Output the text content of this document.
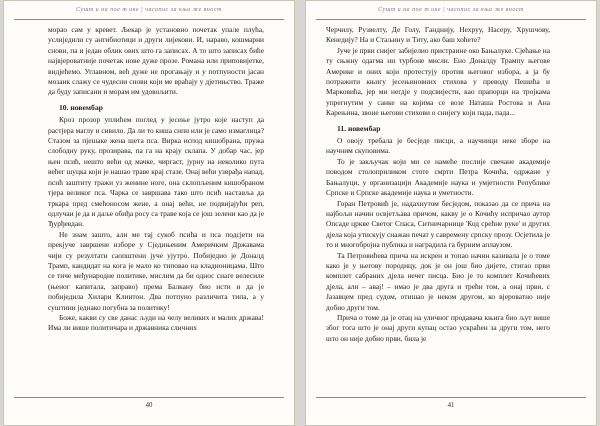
Сушт и на пое т ике | часопис за књи же вност

морао сам у кревет. Љекар је установио почетак упале плућа, услиједили су антибиотици и други лијекови. И, нараво, кошмарни снови, па и један облик ових што га записах. А то што записах биће највјероватније почетак нове дуже прозе. Романа или приповијетке, видјећемо. Углавном, већ дуже не прогањају и у потпуности јасан мозаик слажу се чудесни снови који ме враћају у дјетињство. Траже да буду записани и морам им удовољити.

10. новембар

Кроз прозор уплићем поглед у јесење јутро које наступ да растјера маглу и сивило. Да ли то киша сипи или је само измаглица? Стазом за пјешаке жена шета пса. Вирка испод кишобрана, пружа слободну руку, прозирава, па га на крају склапа. У добар час, јер њен псић, нешто већи од мачке, чиргаст, јурну на неколико пута већег шуцка који је нашао траве крај стазе. Онај већи узврађа напад, псић заштиту тражи уз женине ноге, она склопљеним кишобраном тјера великог пса. Чарка се завршава тако што псић настављa да тркара пред смећоносом жене, а онај већи, не подвијајући реп, одлучаи је да и даље обиђа росу са траве која се још зелени као да је Ђурђевдан.

Не знам зашто, али ме тај сукоб псића и пса подсјети на прекјуче завршене изборе у Сједињеним Америчким Државама чији су резултати саопштени јуче ујутро. Побиједио је Доналд Трамп, кандидат на кога је мало ко типовао на кладионицама. Што се тиче међународне политике, мислим да би однос снаге велесиле (њеног капитала, заправо) према Балкану био исти и да је побиједила Хилари Клинтон. Два потпуно различита типа, а у суштини једнако погубна за политику!

Боже, какви су све данас људи на челу великих и малих држава! Има ли више политичара и државника сличних

40
Сушт и на пое т ике | часопис за књи же вност

Черчилу, Рузвелту, Де Голу, Ганднију, Нехруу, Насеру, Хрушчову, Кенедију? На и Стаљину и Титу, ако баш хоћете?

Јуче је први снијег забијелио пристраине око Бањалуке. Сјећање на ту сњжну одагма ни турбоне мисли. Ено Доналду Трампу његове Америке и оних који протестују против његовог избора, а ја бу потражити књигу јесењиновних стихова у преводу Пешића и Марковића, јер ми негдје у подсвијести, као прапорци на тројкама упрегнутим у санке на којима се возе Наташа Ростова и Ана Карењина, звоне његови стихови о снијегу који пада, пада...

11. новембар

О овоју требала је бесједе писци, а научници неке зборе на научним скуповима.

То је закључак који ми се намеће послије свечане академије поводом столоприликом стоте смрти Петра Кочића, одржане у Бањалуци, у организацији Академије наука и умјетности Републике Српске и Српске академије наука и уметности.

Горан Петровић је, надахнутом бесједом, показао да се прича на најбољи начин освјетљава причом, какву је о Кочићу испричао аутор Опсаде цркве Светог Спаса, Ситничарнице 'Код срећне руке' и других дјела која утискују снажан печат у савремену српску прозу. Осјетила је то и многобројна публика и наградила га бурним аплаузом.

Та Петровићева прича на искрен и топао начин казивала је о томе како је у његову породицу, док је он још био дијете, стигао први комплет сабраних дјела нечег писца. Био је то комплет Кочићевих дјела, али – авај! – имао је два друга и трећи том, а онај први, с Јазавцем пред судом, отишао је неком другом, ко вјероватно није добио други том.

Прича о томе да је отац на уличног продавача књига био љут више због тога што је онај други купац остао ускраћен за други том, него што он није добио први, била је

41
